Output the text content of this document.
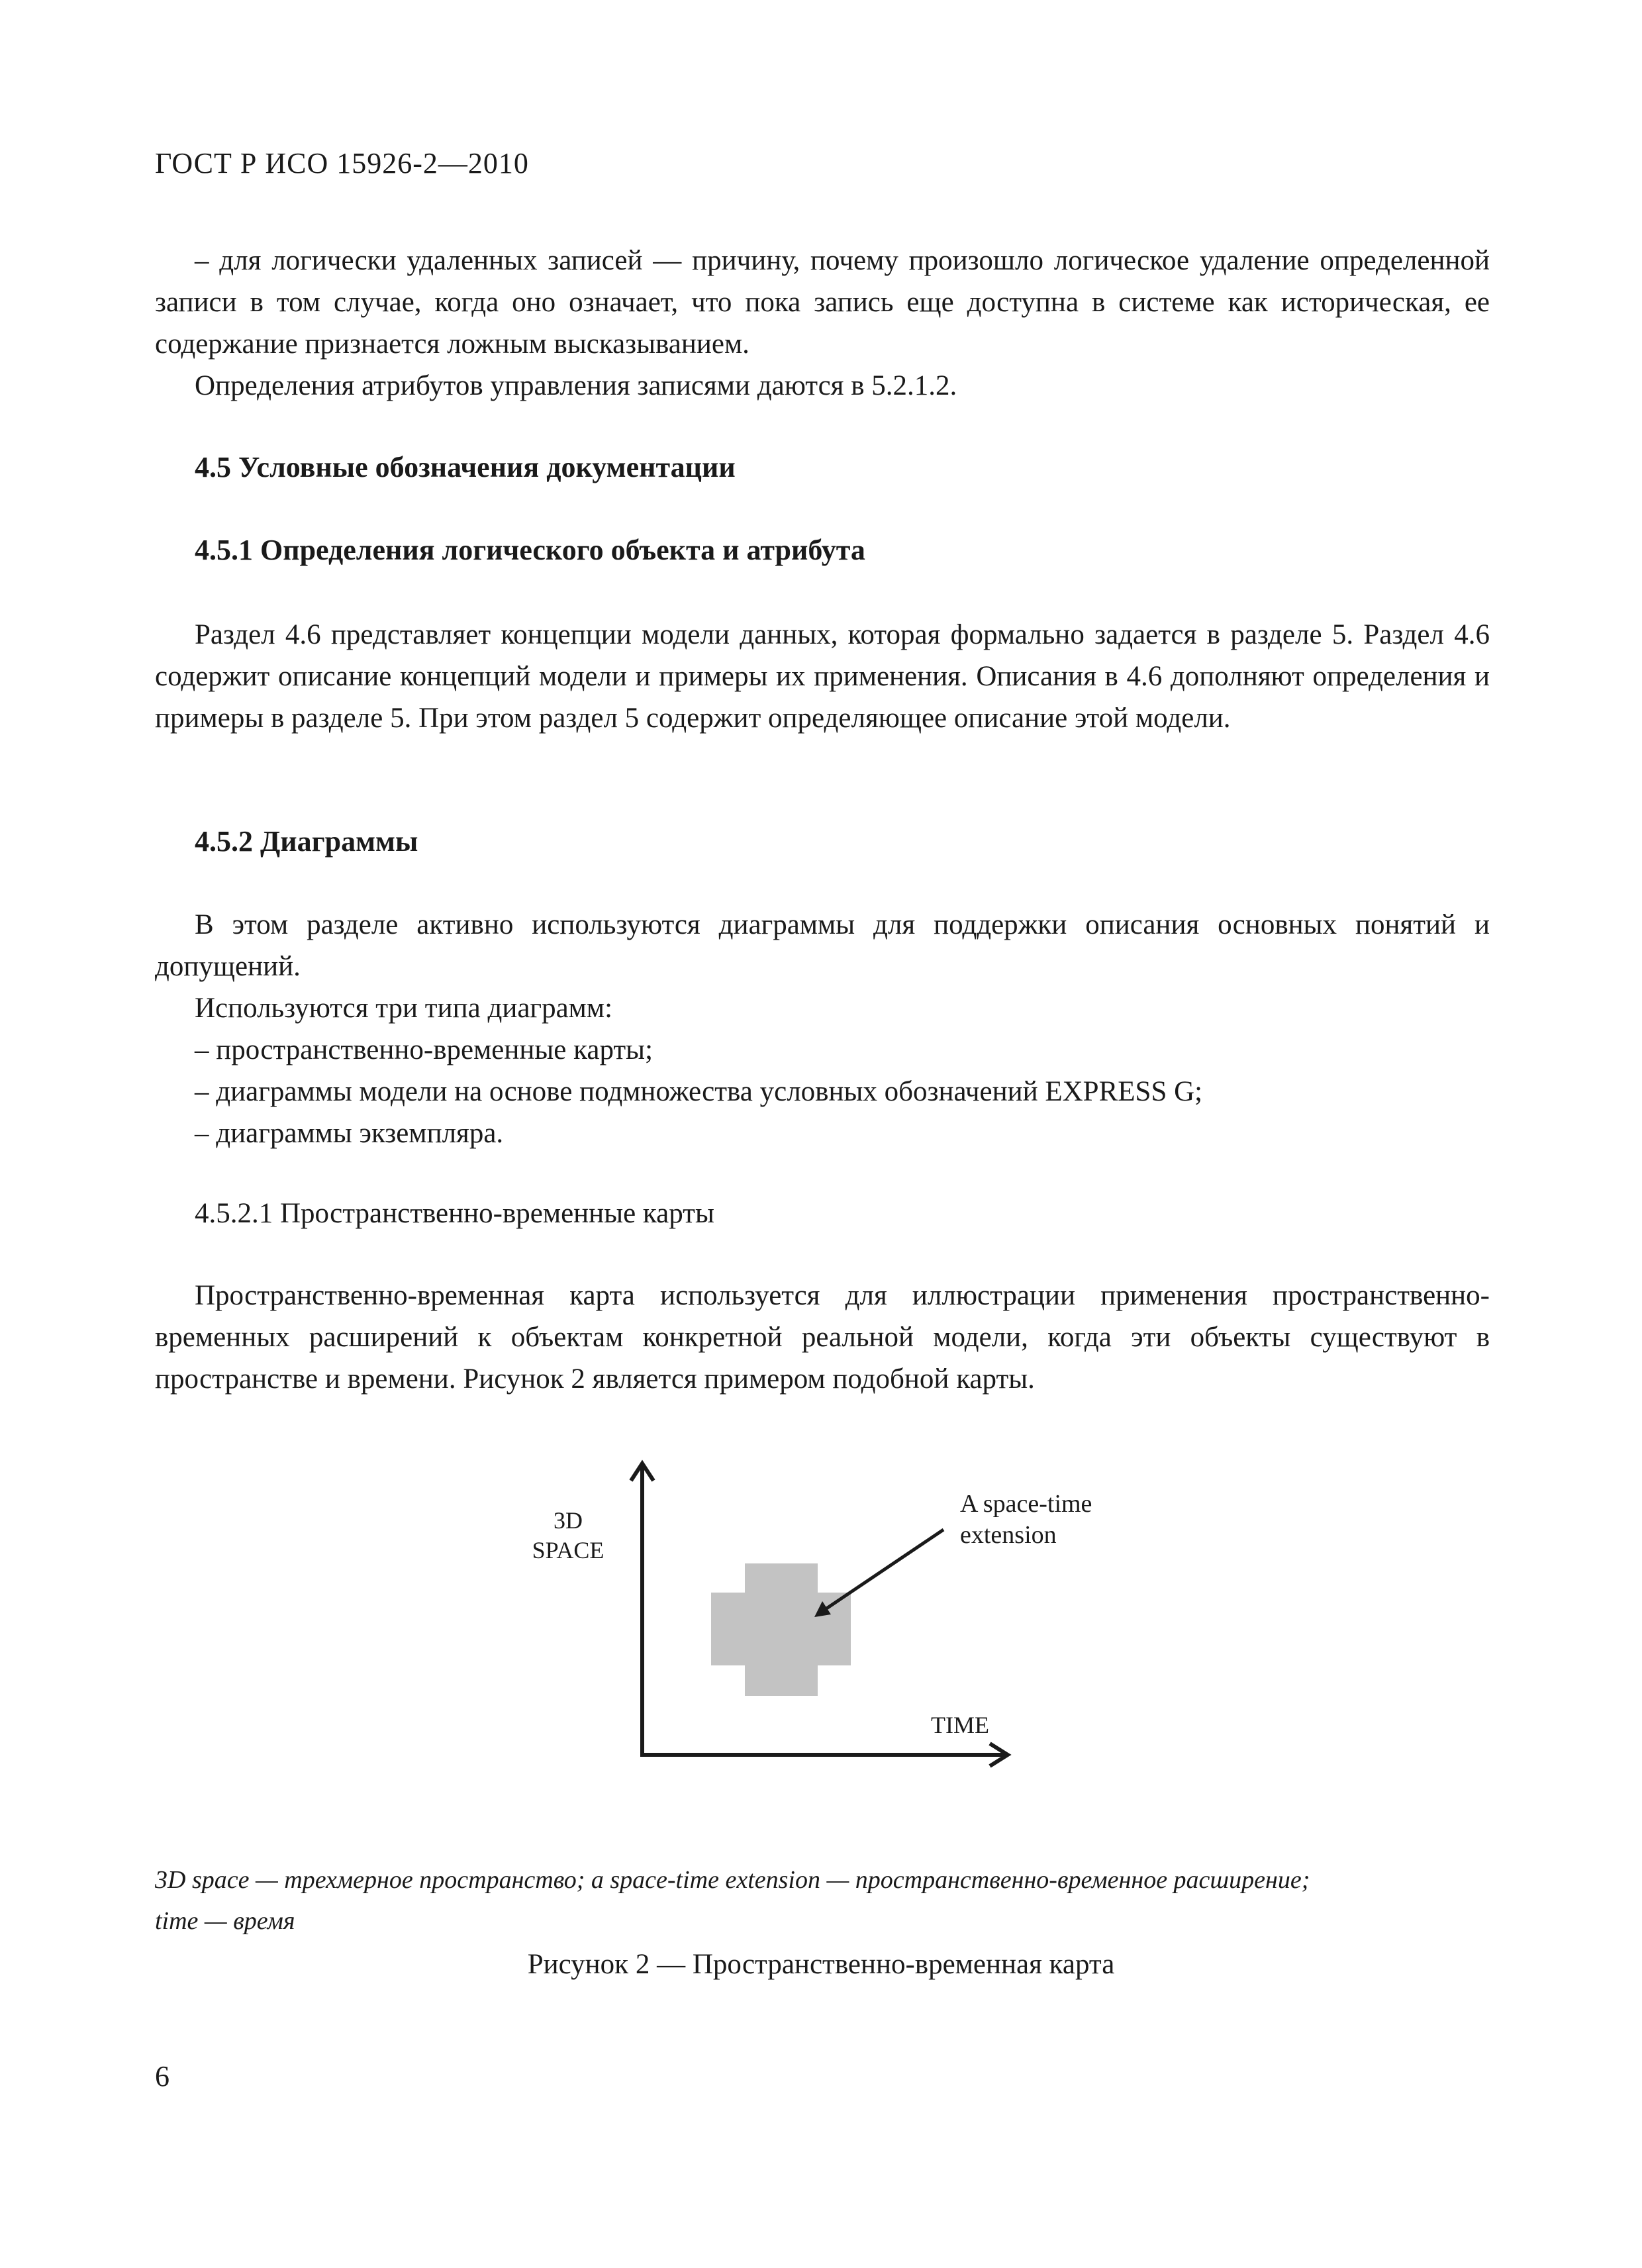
ГОСТ Р ИСО 15926-2—2010
– для логически удаленных записей — причину, почему произошло логическое удаление определенной записи в том случае, когда оно означает, что пока запись еще доступна в системе как историческая, ее содержание признается ложным высказыванием.
Определения атрибутов управления записями даются в 5.2.1.2.
4.5 Условные обозначения документации
4.5.1 Определения логического объекта и атрибута
Раздел 4.6 представляет концепции модели данных, которая формально задается в разделе 5. Раздел 4.6 содержит описание концепций модели и примеры их применения. Описания в 4.6 дополняют определения и примеры в разделе 5. При этом раздел 5 содержит определяющее описание этой модели.
4.5.2 Диаграммы
В этом разделе активно используются диаграммы для поддержки описания основных понятий и допущений.
Используются три типа диаграмм:
– пространственно-временные карты;
– диаграммы модели на основе подмножества условных обозначений EXPRESS G;
– диаграммы экземпляра.
4.5.2.1 Пространственно-временные карты
Пространственно-временная карта используется для иллюстрации применения пространственно-временных расширений к объектам конкретной реальной модели, когда эти объекты существуют в пространстве и времени. Рисунок 2 является примером подобной карты.
3D
SPACE
TIME
A space-time
extension
3D space — трехмерное пространство; a space-time extension — пространственно-временное расширение;
time — время
Рисунок 2 — Пространственно-временная карта
6
